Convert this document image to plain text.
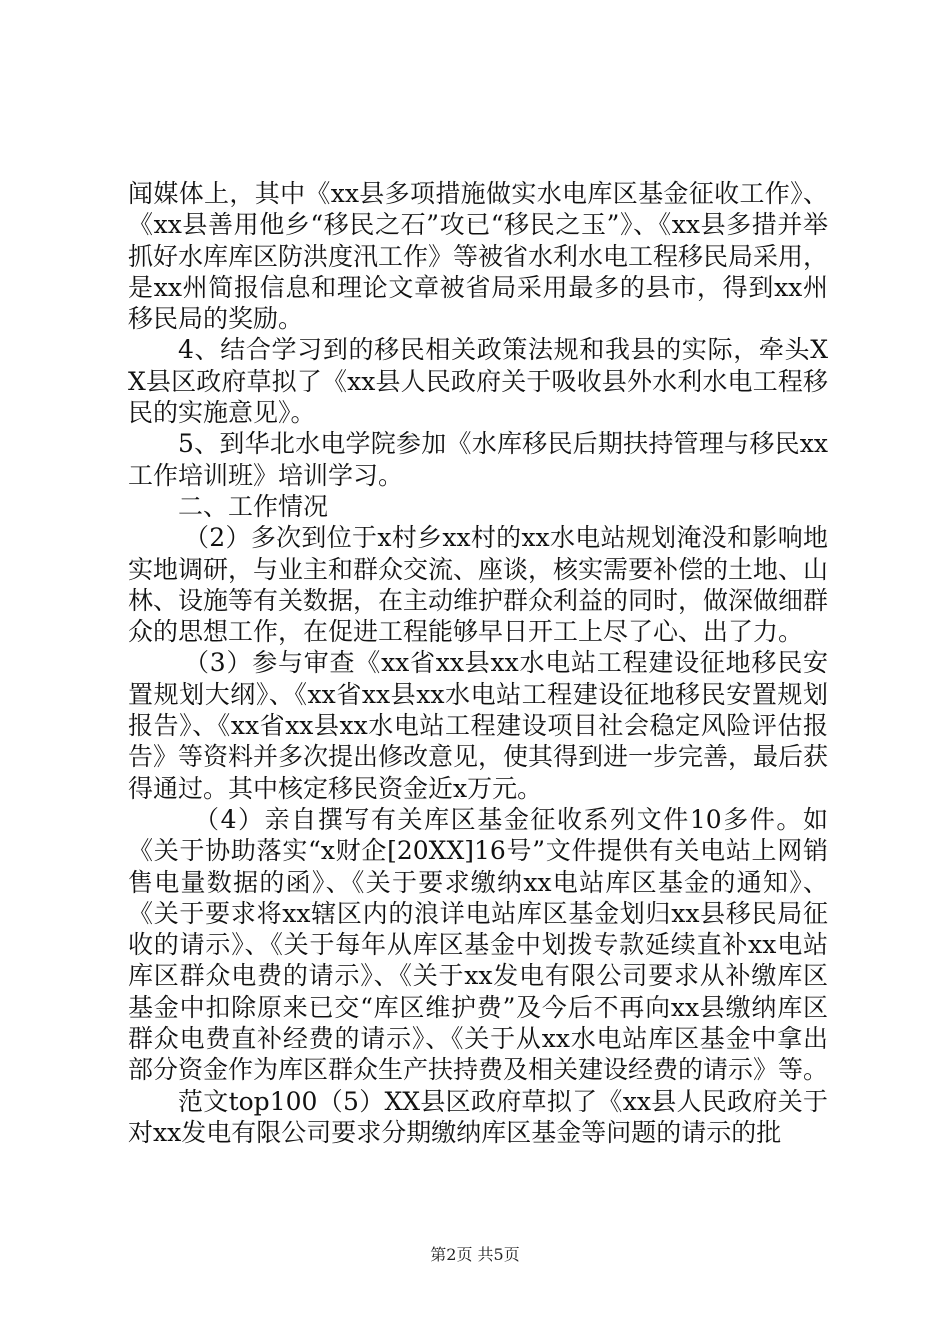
闻媒体上，其中《xx县多项措施做实水电库区基金征收工作》、《xx县善用他乡“移民之石”攻已“移民之玉”》、《xx县多措并举抓好水库库区防洪度汛工作》等被省水利水电工程移民局采用，是xx州简报信息和理论文章被省局采用最多的县市，得到xx州移民局的奖励。

4、结合学习到的移民相关政策法规和我县的实际，牵头XX县区政府草拟了《xx县人民政府关于吸收县外水利水电工程移民的实施意见》。

5、到华北水电学院参加《水库移民后期扶持管理与移民xx工作培训班》培训学习。

二、工作情况

（2）多次到位于x村乡xx村的xx水电站规划淹没和影响地实地调研，与业主和群众交流、座谈，核实需要补偿的土地、山林、设施等有关数据，在主动维护群众利益的同时，做深做细群众的思想工作，在促进工程能够早日开工上尽了心、出了力。

（3）参与审查《xx省xx县xx水电站工程建设征地移民安置规划大纲》、《xx省xx县xx水电站工程建设征地移民安置规划报告》、《xx省xx县xx水电站工程建设项目社会稳定风险评估报告》等资料并多次提出修改意见，使其得到进一步完善，最后获得通过。其中核定移民资金近x万元。

（4）亲自撰写有关库区基金征收系列文件10多件。如《关于协助落实“x财企[20XX]16号”文件提供有关电站上网销售电量数据的函》、《关于要求缴纳xx电站库区基金的通知》、《关于要求将xx辖区内的浪详电站库区基金划归xx县移民局征收的请示》、《关于每年从库区基金中划拨专款延续直补xx电站库区群众电费的请示》、《关于xx发电有限公司要求从补缴库区基金中扣除原来已交“库区维护费”及今后不再向xx县缴纳库区群众电费直补经费的请示》、《关于从xx水电站库区基金中拿出部分资金作为库区群众生产扶持费及相关建设经费的请示》等。

范文top100（5）XX县区政府草拟了《xx县人民政府关于对xx发电有限公司要求分期缴纳库区基金等问题的请示的批

第2页 共5页
